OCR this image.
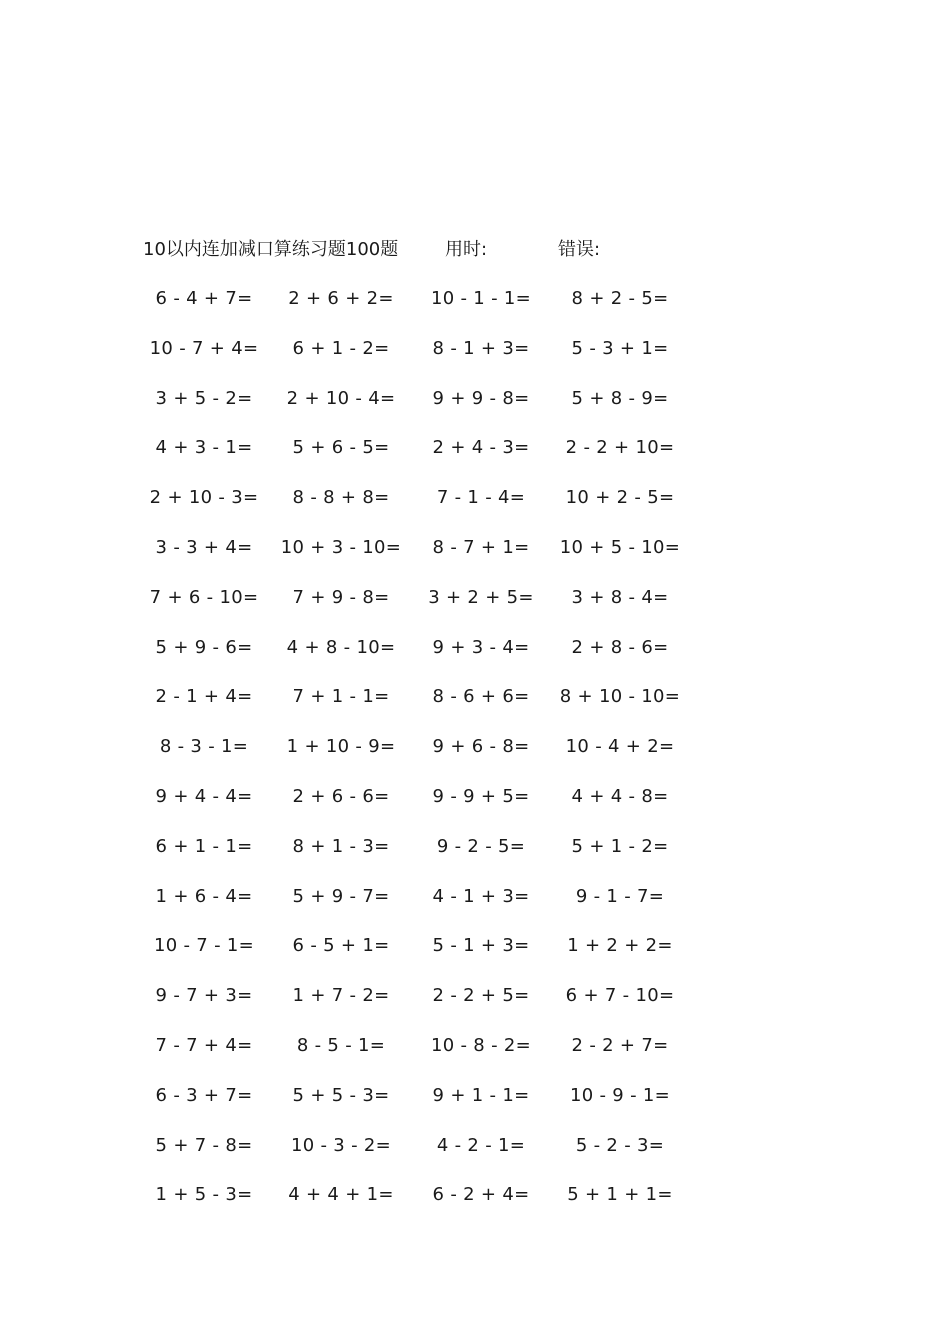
10以内连加减口算练习题100题	用时:	错误:
6 - 4 + 7=	2 + 6 + 2=	10 - 1 - 1=	8 + 2 - 5=
10 - 7 + 4=	6 + 1 - 2=	8 - 1 + 3=	5 - 3 + 1=
3 + 5 - 2=	2 + 10 - 4=	9 + 9 - 8=	5 + 8 - 9=
4 + 3 - 1=	5 + 6 - 5=	2 + 4 - 3=	2 - 2 + 10=
2 + 10 - 3=	8 - 8 + 8=	7 - 1 - 4=	10 + 2 - 5=
3 - 3 + 4=	10 + 3 - 10=	8 - 7 + 1=	10 + 5 - 10=
7 + 6 - 10=	7 + 9 - 8=	3 + 2 + 5=	3 + 8 - 4=
5 + 9 - 6=	4 + 8 - 10=	9 + 3 - 4=	2 + 8 - 6=
2 - 1 + 4=	7 + 1 - 1=	8 - 6 + 6=	8 + 10 - 10=
8 - 3 - 1=	1 + 10 - 9=	9 + 6 - 8=	10 - 4 + 2=
9 + 4 - 4=	2 + 6 - 6=	9 - 9 + 5=	4 + 4 - 8=
6 + 1 - 1=	8 + 1 - 3=	9 - 2 - 5=	5 + 1 - 2=
1 + 6 - 4=	5 + 9 - 7=	4 - 1 + 3=	9 - 1 - 7=
10 - 7 - 1=	6 - 5 + 1=	5 - 1 + 3=	1 + 2 + 2=
9 - 7 + 3=	1 + 7 - 2=	2 - 2 + 5=	6 + 7 - 10=
7 - 7 + 4=	8 - 5 - 1=	10 - 8 - 2=	2 - 2 + 7=
6 - 3 + 7=	5 + 5 - 3=	9 + 1 - 1=	10 - 9 - 1=
5 + 7 - 8=	10 - 3 - 2=	4 - 2 - 1=	5 - 2 - 3=
1 + 5 - 3=	4 + 4 + 1=	6 - 2 + 4=	5 + 1 + 1=
